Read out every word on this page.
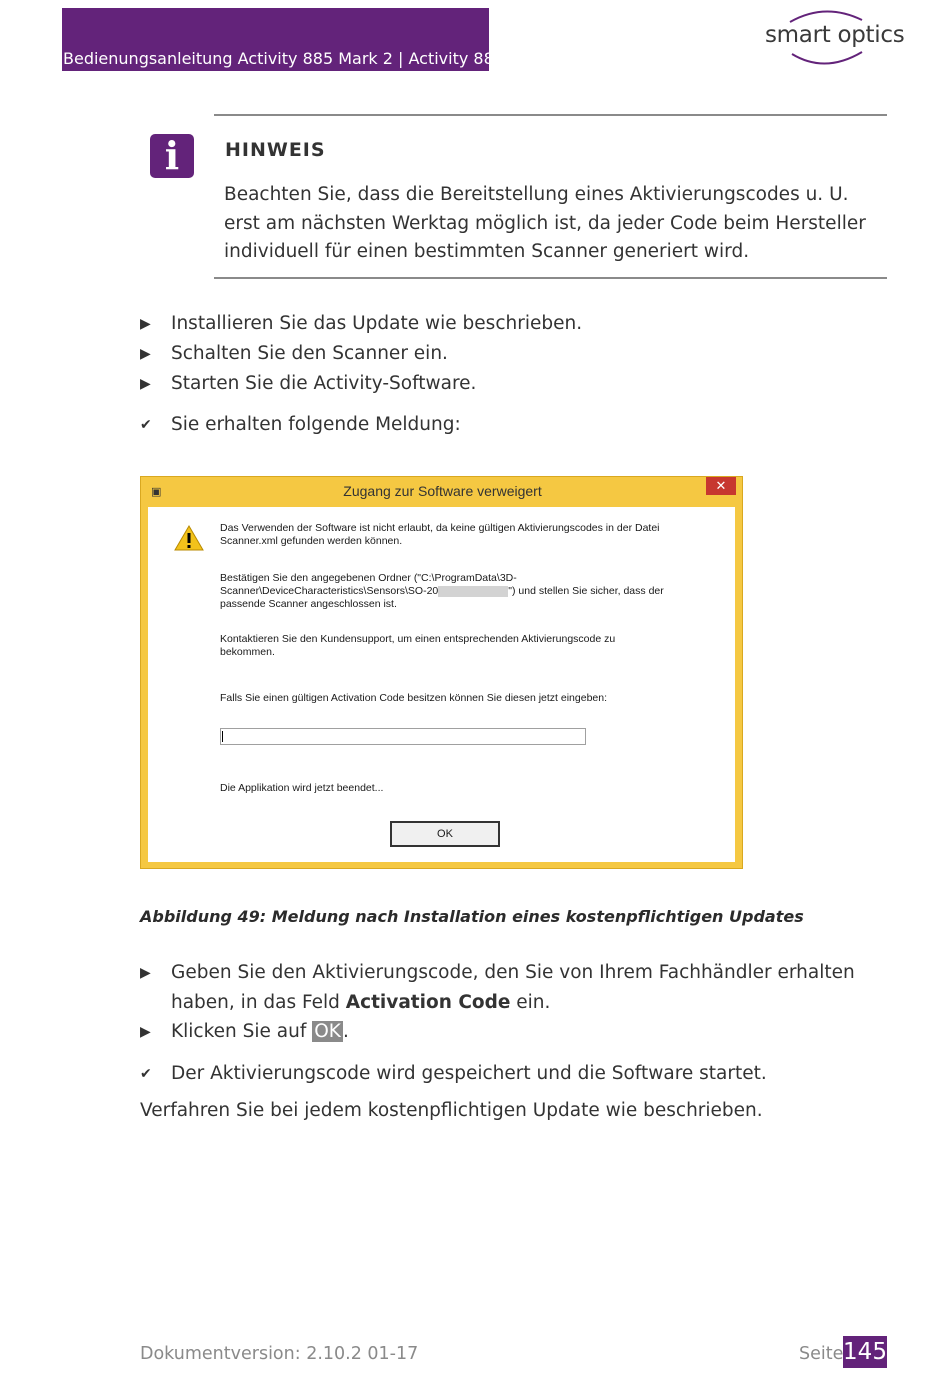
Bedienungsanleitung Activity 885 Mark 2 | Activity 888
smart optics
i	HINWEIS
Beachten Sie, dass die Bereitstellung eines Aktivierungscodes u. U. erst am nächsten Werktag möglich ist, da jeder Code beim Hersteller individuell für einen bestimmten Scanner generiert wird.
▶	Installieren Sie das Update wie beschrieben.
▶	Schalten Sie den Scanner ein.
▶	Starten Sie die Activity-Software.
✔	Sie erhalten folgende Meldung:
▣	Zugang zur Software verweigert	✕
Das Verwenden der Software ist nicht erlaubt, da keine gültigen Aktivierungscodes in der Datei
Scanner.xml gefunden werden können.
Bestätigen Sie den angegebenen Ordner ("C:\ProgramData\3D-
Scanner\DeviceCharacteristics\Sensors\SO-20	") und stellen Sie sicher, dass der
passende Scanner angeschlossen ist.
Kontaktieren Sie den Kundensupport, um einen entsprechenden Aktivierungscode zu
bekommen.
Falls Sie einen gültigen Activation Code besitzen können Sie diesen jetzt eingeben:
Die Applikation wird jetzt beendet...
OK
Abbildung 49: Meldung nach Installation eines kostenpflichtigen Updates
▶	Geben Sie den Aktivierungscode, den Sie von Ihrem Fachhändler erhalten haben, in das Feld Activation Code ein.
▶	Klicken Sie auf OK .
✔	Der Aktivierungscode wird gespeichert und die Software startet.
Verfahren Sie bei jedem kostenpflichtigen Update wie beschrieben.
Dokumentversion: 2.10.2 01-17	Seite 145
